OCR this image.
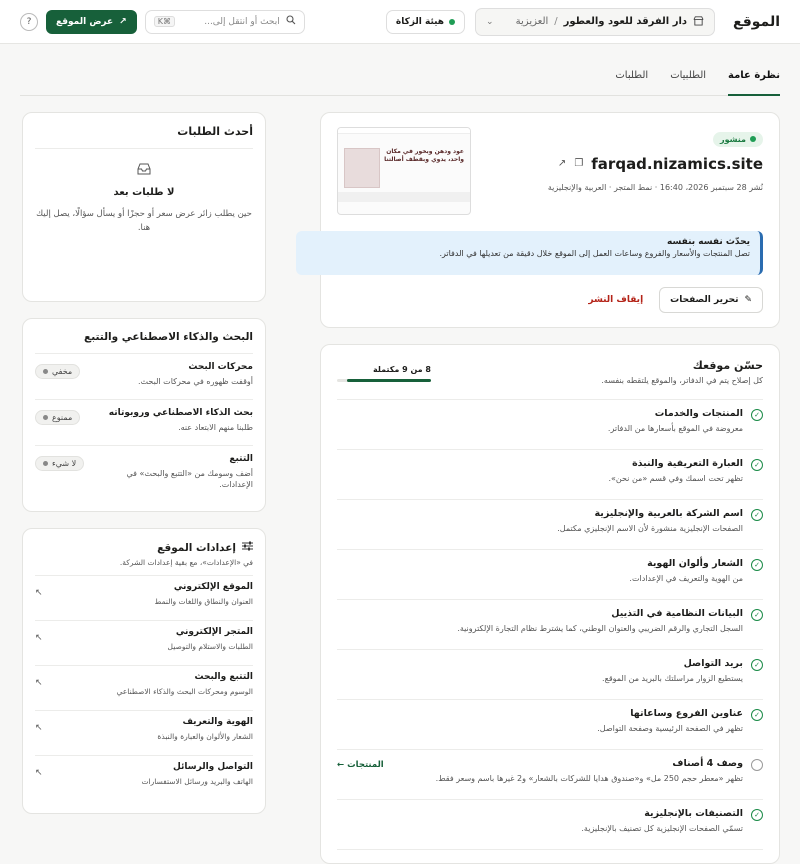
الموقع
دار الفرقد للعود والعطور
/
العزيزية
⌄
هيئة الزكاة
ابحث أو انتقل إلى...
⌘K
↗
عرض الموقع
?
نظرة عامة
الطلبيات
الطلبات
منشور
farqad.nizamics.site
❐
↗
نُشر 28 سبتمبر 2026، 16:40 · نمط المتجر · العربية والإنجليزية
عود ودهن وبخور في مكان واحد، يدوي وبقطف أصالتنا
يحدّث نفسه بنفسه
تصل المنتجات والأسعار والفروع وساعات العمل إلى الموقع خلال دقيقة من تعديلها في الدفاتر.
✎
تحرير الصفحات
إيقاف النشر
حسّن موقعك
كل إصلاح يتم في الدفاتر، والموقع يلتقطه بنفسه.
8 من 9 مكتملة
✓
المنتجات والخدمات
معروضة في الموقع بأسعارها من الدفاتر.
✓
العبارة التعريفية والنبذة
تظهر تحت اسمك وفي قسم «من نحن».
✓
اسم الشركة بالعربية والإنجليزية
الصفحات الإنجليزية منشورة لأن الاسم الإنجليزي مكتمل.
✓
الشعار وألوان الهوية
من الهوية والتعريف في الإعدادات.
✓
البيانات النظامية في التذييل
السجل التجاري والرقم الضريبي والعنوان الوطني، كما يشترط نظام التجارة الإلكترونية.
✓
بريد التواصل
يستطيع الزوار مراسلتك بالبريد من الموقع.
✓
عناوين الفروع وساعاتها
تظهر في الصفحة الرئيسية وصفحة التواصل.
وصف 4 أصناف
تظهر «معطر حجم 250 مل» و«صندوق هدايا للشركات بالشعار» و2 غيرها باسم وسعر فقط.
المنتجات ←
✓
التصنيفات بالإنجليزية
تسمّي الصفحات الإنجليزية كل تصنيف بالإنجليزية.
أحدث الطلبات
لا طلبات بعد
حين يطلب زائر عرض سعر أو حجزًا أو يسأل سؤالًا، يصل إليك هنا.
البحث والذكاء الاصطناعي والتتبع
محركات البحث
أوقفت ظهوره في محركات البحث.
مخفي
بحث الذكاء الاصطناعي وروبوتاته
طلبنا منهم الابتعاد عنه.
ممنوع
التتبع
أضف وسومك من «التتبع والبحث» في الإعدادات.
لا شيء
إعدادات الموقع
في «الإعدادات»، مع بقية إعدادات الشركة.
الموقع الإلكتروني
العنوان والنطاق واللغات والنمط
↖
المتجر الإلكتروني
الطلبات والاستلام والتوصيل
↖
التتبع والبحث
الوسوم ومحركات البحث والذكاء الاصطناعي
↖
الهوية والتعريف
الشعار والألوان والعبارة والنبذة
↖
التواصل والرسائل
الهاتف والبريد ورسائل الاستفسارات
↖
